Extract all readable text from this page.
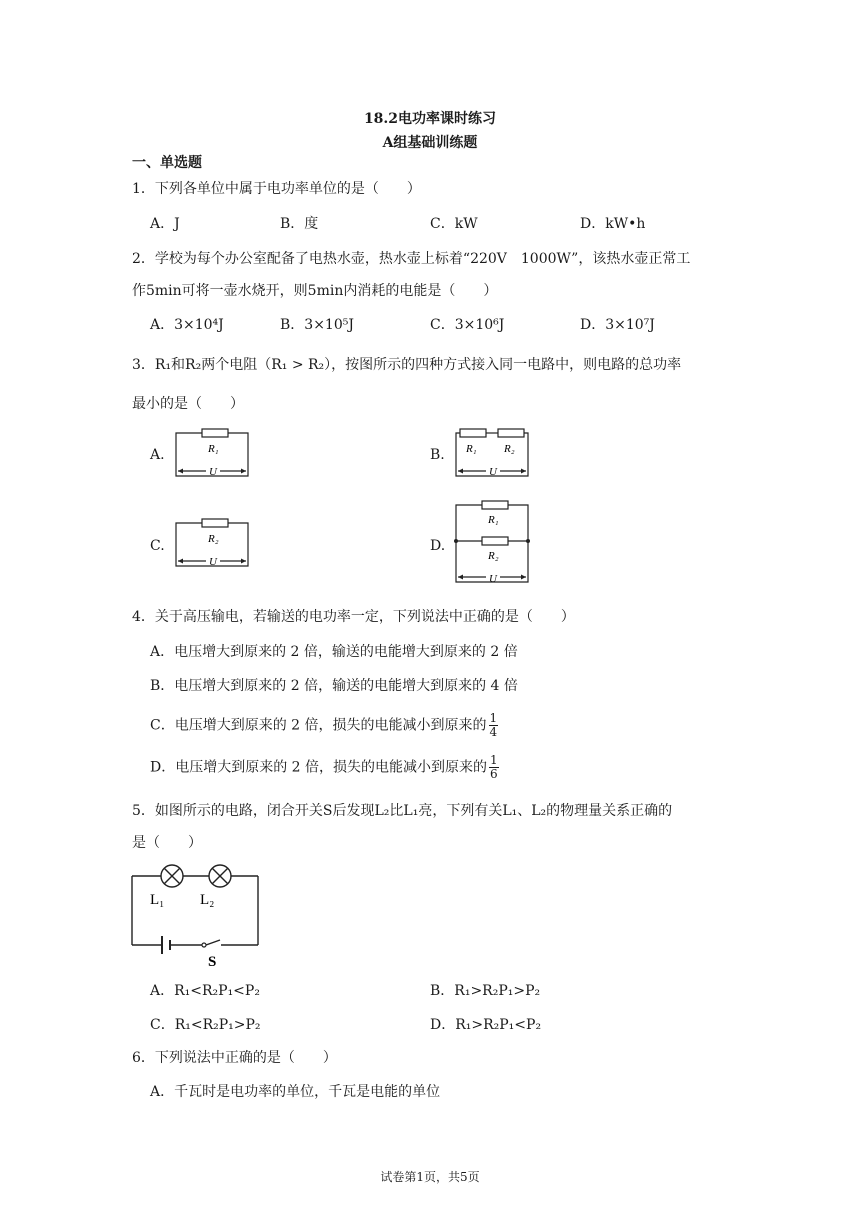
18.2电功率课时练习
A组基础训练题
一、单选题
1．下列各单位中属于电功率单位的是（　　）
A．J	B．度	C．kW	D．kW•h
2．学校为每个办公室配备了电热水壶，热水壶上标着“220V　1000W”，该热水壶正常工
作5min可将一壶水烧开，则5min内消耗的电能是（　　）
A．3×10⁴J	B．3×10⁵J	C．3×10⁶J	D．3×10⁷J
3．R₁和R₂两个电阻（R₁ > R₂），按图所示的四种方式接入同一电路中，则电路的总功率
最小的是（　　）
A.	B.
C.	D.
R₁
U
R₁ R₂
U
R₂
U
R₁
R₂
U
4．关于高压输电，若输送的电功率一定，下列说法中正确的是（　　）
A．电压增大到原来的 2 倍，输送的电能增大到原来的 2 倍
B．电压增大到原来的 2 倍，输送的电能增大到原来的 4 倍
C．电压增大到原来的 2 倍，损失的电能减小到原来的 $\frac{1}{4}$
D．电压增大到原来的 2 倍，损失的电能减小到原来的 $\frac{1}{6}$
5．如图所示的电路，闭合开关S后发现L₂比L₁亮，下列有关L₁、L₂的物理量关系正确的
是（　　）
L₁ L₂
S
A．R₁<R₂P₁<P₂	B．R₁>R₂P₁>P₂
C．R₁<R₂P₁>P₂	D．R₁>R₂P₁<P₂
6．下列说法中正确的是（　　）
A．千瓦时是电功率的单位，千瓦是电能的单位
试卷第1页，共5页
